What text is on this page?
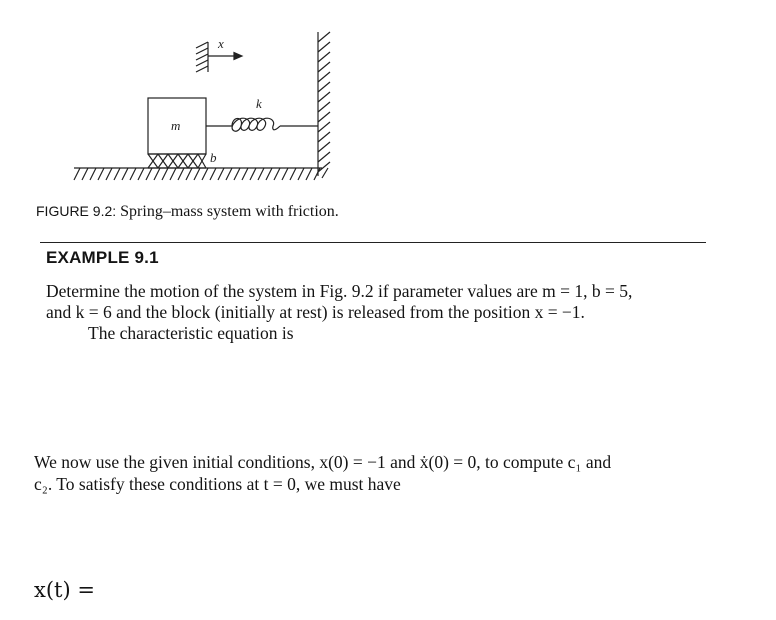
x
m
b
k
FIGURE 9.2: Spring–mass system with friction.
EXAMPLE 9.1
Determine the motion of the system in Fig. 9.2 if parameter values are m = 1, b = 5,
and k = 6 and the block (initially at rest) is released from the position x = −1.
The characteristic equation is
We now use the given initial conditions, x(0) = −1 and ẋ(0) = 0, to compute c₁ and
c₂. To satisfy these conditions at t = 0, we must have
x(t) =
